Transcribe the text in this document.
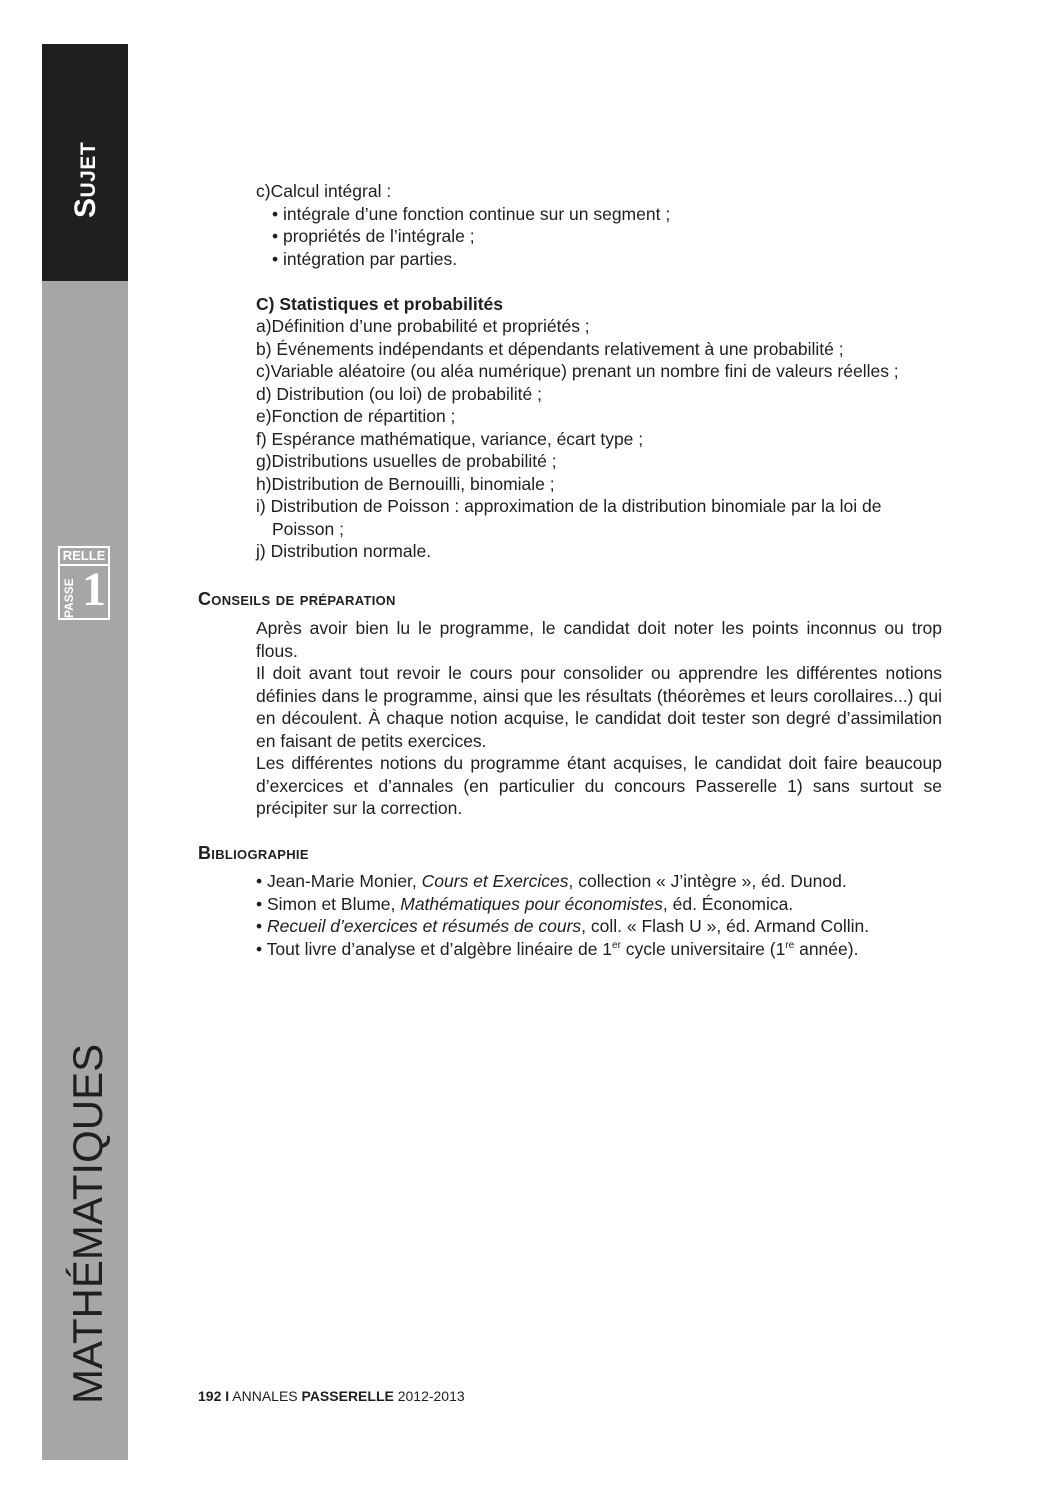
Sujet
MATHÉMATIQUES
RELLE
PASSE 1
c)Calcul intégral :
• intégrale d’une fonction continue sur un segment ;
• propriétés de l’intégrale ;
• intégration par parties.
C) Statistiques et probabilités
a)Définition d’une probabilité et propriétés ;
b) Événements indépendants et dépendants relativement à une probabilité ;
c)Variable aléatoire (ou aléa numérique) prenant un nombre fini de valeurs réelles ;
d) Distribution (ou loi) de probabilité ;
e)Fonction de répartition ;
f) Espérance mathématique, variance, écart type ;
g)Distributions usuelles de probabilité ;
h)Distribution de Bernouilli, binomiale ;
i) Distribution de Poisson : approximation de la distribution binomiale par la loi de
Poisson ;
j) Distribution normale.
Conseils de préparation
Après avoir bien lu le programme, le candidat doit noter les points inconnus ou trop flous.
Il doit avant tout revoir le cours pour consolider ou apprendre les différentes notions définies dans le programme, ainsi que les résultats (théorèmes et leurs corollaires...) qui en découlent. À chaque notion acquise, le candidat doit tester son degré d’assimilation en faisant de petits exercices.
Les différentes notions du programme étant acquises, le candidat doit faire beaucoup d’exercices et d’annales (en particulier du concours Passerelle 1) sans surtout se précipiter sur la correction.
Bibliographie
• Jean-Marie Monier, Cours et Exercices, collection « J’intègre », éd. Dunod.
• Simon et Blume, Mathématiques pour économistes, éd. Économica.
• Recueil d’exercices et résumés de cours, coll. « Flash U », éd. Armand Collin.
• Tout livre d’analyse et d’algèbre linéaire de 1er cycle universitaire (1re année).
192 I ANNALES PASSERELLE 2012-2013
